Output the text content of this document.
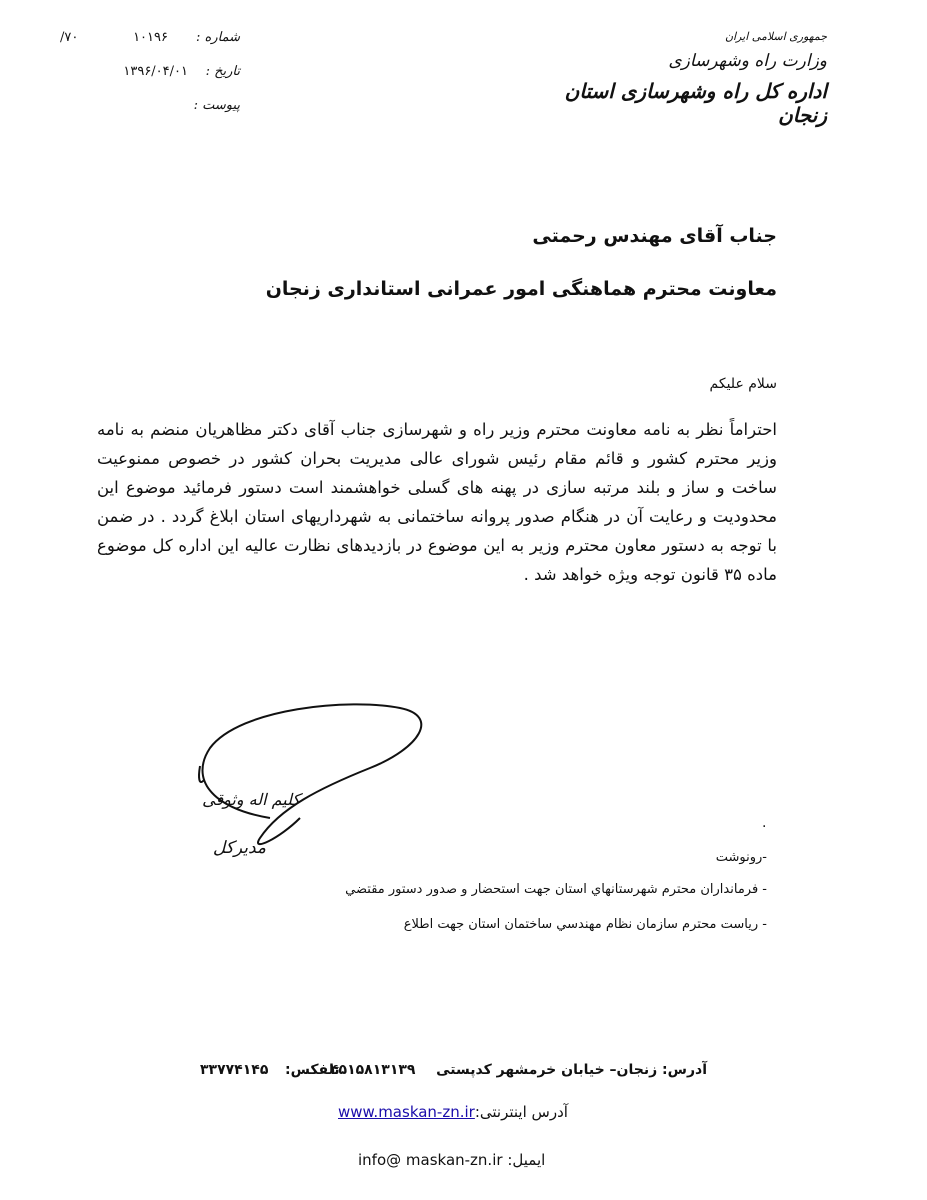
شماره :
۱۰۱۹۶
۷۰/
تاریخ :
۱۳۹۶/۰۴/۰۱
پیوست :
جمهوری اسلامی ایران
وزارت راه وشهرسازی
اداره کل راه وشهرسازی استان زنجان
جناب آقای مهندس رحمتی
معاونت محترم هماهنگی امور عمرانی استانداری زنجان
سلام علیکم
احتراماً نظر به نامه معاونت محترم وزیر راه و شهرسازی جناب آقای دکتر مظاهریان منضم به نامه وزیر محترم کشور و قائم مقام رئیس شورای عالی مدیریت بحران کشور در خصوص ممنوعیت ساخت و ساز و بلند مرتبه سازی در پهنه های گسلی خواهشمند است دستور فرمائید موضوع این محدودیت و رعایت آن در هنگام صدور پروانه ساختمانی به شهرداریهای استان ابلاغ گردد . در ضمن با توجه به دستور معاون محترم وزیر به این موضوع در بازدیدهای نظارت عالیه این اداره کل موضوع ماده ۳۵ قانون توجه ویژه خواهد شد .
کلیم اله وثوقی
مدیرکل
.
-رونوشت
- فرمانداران محترم شهرستانهاي استان جهت استحضار و صدور دستور مقتضي
- رياست محترم سازمان نظام مهندسي ساختمان استان جهت اطلاع
آدرس: زنجان– خیابان خرمشهر کدپستی
۴۵۱۵۸۱۳۱۳۹
تلفکس:
۳۳۷۷۴۱۴۵
www.maskan-zn.irآدرس اینترنتی:
info@ maskan-zn.ir ایمیل:
